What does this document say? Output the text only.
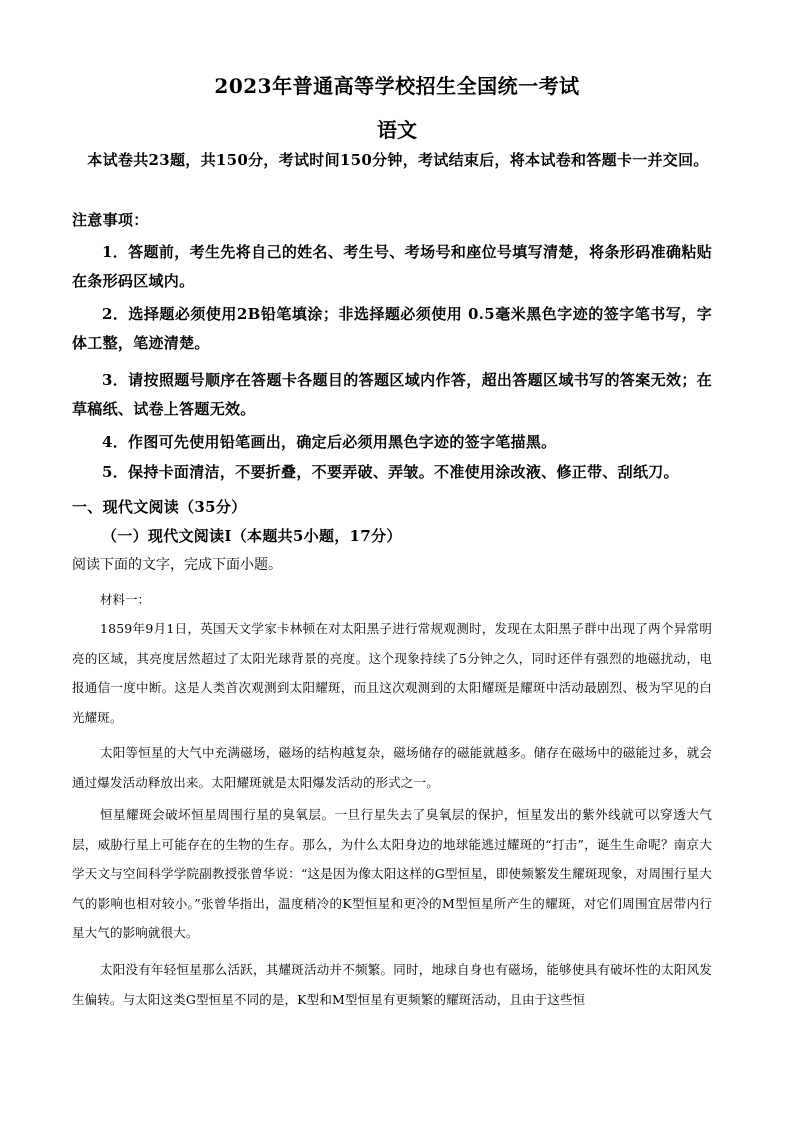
2023年普通高等学校招生全国统一考试
语文
本试卷共23题，共150分，考试时间150分钟，考试结束后，将本试卷和答题卡一并交回。
注意事项：
1．答题前，考生先将自己的姓名、考生号、考场号和座位号填写清楚，将条形码准确粘贴在条形码区域内。
2．选择题必须使用2B铅笔填涂；非选择题必须使用 0.5毫米黑色字迹的签字笔书写，字体工整，笔迹清楚。
3．请按照题号顺序在答题卡各题目的答题区域内作答，超出答题区域书写的答案无效；在草稿纸、试卷上答题无效。
4．作图可先使用铅笔画出，确定后必须用黑色字迹的签字笔描黑。
5．保持卡面清洁，不要折叠，不要弄破、弄皱。不准使用涂改液、修正带、刮纸刀。
一、现代文阅读（35分）
（一）现代文阅读Ⅰ（本题共5小题，17分）
阅读下面的文字，完成下面小题。
材料一：
1859年9月1日，英国天文学家卡林顿在对太阳黑子进行常规观测时，发现在太阳黑子群中出现了两个异常明亮的区域，其亮度居然超过了太阳光球背景的亮度。这个现象持续了5分钟之久，同时还伴有强烈的地磁扰动，电报通信一度中断。这是人类首次观测到太阳耀斑，而且这次观测到的太阳耀斑是耀斑中活动最剧烈、极为罕见的白光耀斑。
太阳等恒星的大气中充满磁场，磁场的结构越复杂，磁场储存的磁能就越多。储存在磁场中的磁能过多，就会通过爆发活动释放出来。太阳耀斑就是太阳爆发活动的形式之一。
恒星耀斑会破坏恒星周围行星的臭氧层。一旦行星失去了臭氧层的保护，恒星发出的紫外线就可以穿透大气层，威胁行星上可能存在的生物的生存。那么，为什么太阳身边的地球能逃过耀斑的“打击”，诞生生命呢？南京大学天文与空间科学学院副教授张曾华说：“这是因为像太阳这样的G型恒星，即使频繁发生耀斑现象，对周围行星大气的影响也相对较小。”张曾华指出，温度稍冷的K型恒星和更冷的M型恒星所产生的耀斑，对它们周围宜居带内行星大气的影响就很大。
太阳没有年轻恒星那么活跃，其耀斑活动并不频繁。同时，地球自身也有磁场，能够使具有破坏性的太阳风发生偏转。与太阳这类G型恒星不同的是，K型和M型恒星有更频繁的耀斑活动，且由于这些恒
